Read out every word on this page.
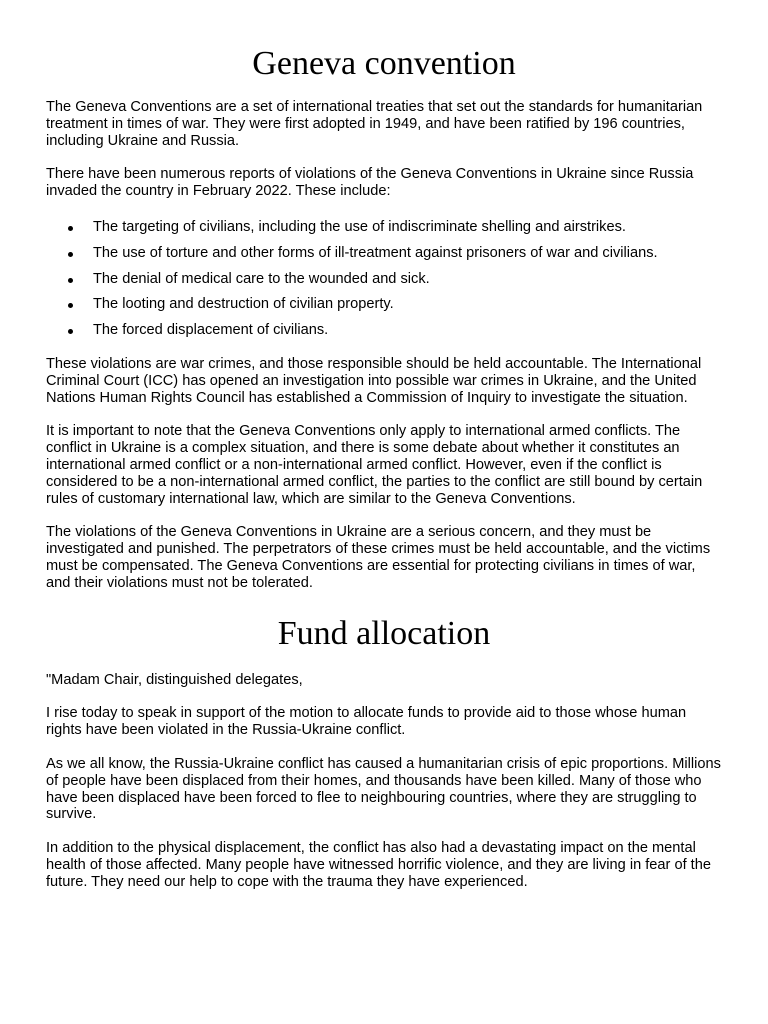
Geneva convention

The Geneva Conventions are a set of international treaties that set out the standards for humanitarian treatment in times of war. They were first adopted in 1949, and have been ratified by 196 countries, including Ukraine and Russia.

There have been numerous reports of violations of the Geneva Conventions in Ukraine since Russia invaded the country in February 2022. These include:

The targeting of civilians, including the use of indiscriminate shelling and airstrikes.
The use of torture and other forms of ill-treatment against prisoners of war and civilians.
The denial of medical care to the wounded and sick.
The looting and destruction of civilian property.
The forced displacement of civilians.

These violations are war crimes, and those responsible should be held accountable. The International Criminal Court (ICC) has opened an investigation into possible war crimes in Ukraine, and the United Nations Human Rights Council has established a Commission of Inquiry to investigate the situation.

It is important to note that the Geneva Conventions only apply to international armed conflicts. The conflict in Ukraine is a complex situation, and there is some debate about whether it constitutes an international armed conflict or a non-international armed conflict. However, even if the conflict is considered to be a non-international armed conflict, the parties to the conflict are still bound by certain rules of customary international law, which are similar to the Geneva Conventions.

The violations of the Geneva Conventions in Ukraine are a serious concern, and they must be investigated and punished. The perpetrators of these crimes must be held accountable, and the victims must be compensated. The Geneva Conventions are essential for protecting civilians in times of war, and their violations must not be tolerated.

Fund allocation

"Madam Chair, distinguished delegates,

I rise today to speak in support of the motion to allocate funds to provide aid to those whose human rights have been violated in the Russia-Ukraine conflict.

As we all know, the Russia-Ukraine conflict has caused a humanitarian crisis of epic proportions. Millions of people have been displaced from their homes, and thousands have been killed. Many of those who have been displaced have been forced to flee to neighbouring countries, where they are struggling to survive.

In addition to the physical displacement, the conflict has also had a devastating impact on the mental health of those affected. Many people have witnessed horrific violence, and they are living in fear of the future. They need our help to cope with the trauma they have experienced.
